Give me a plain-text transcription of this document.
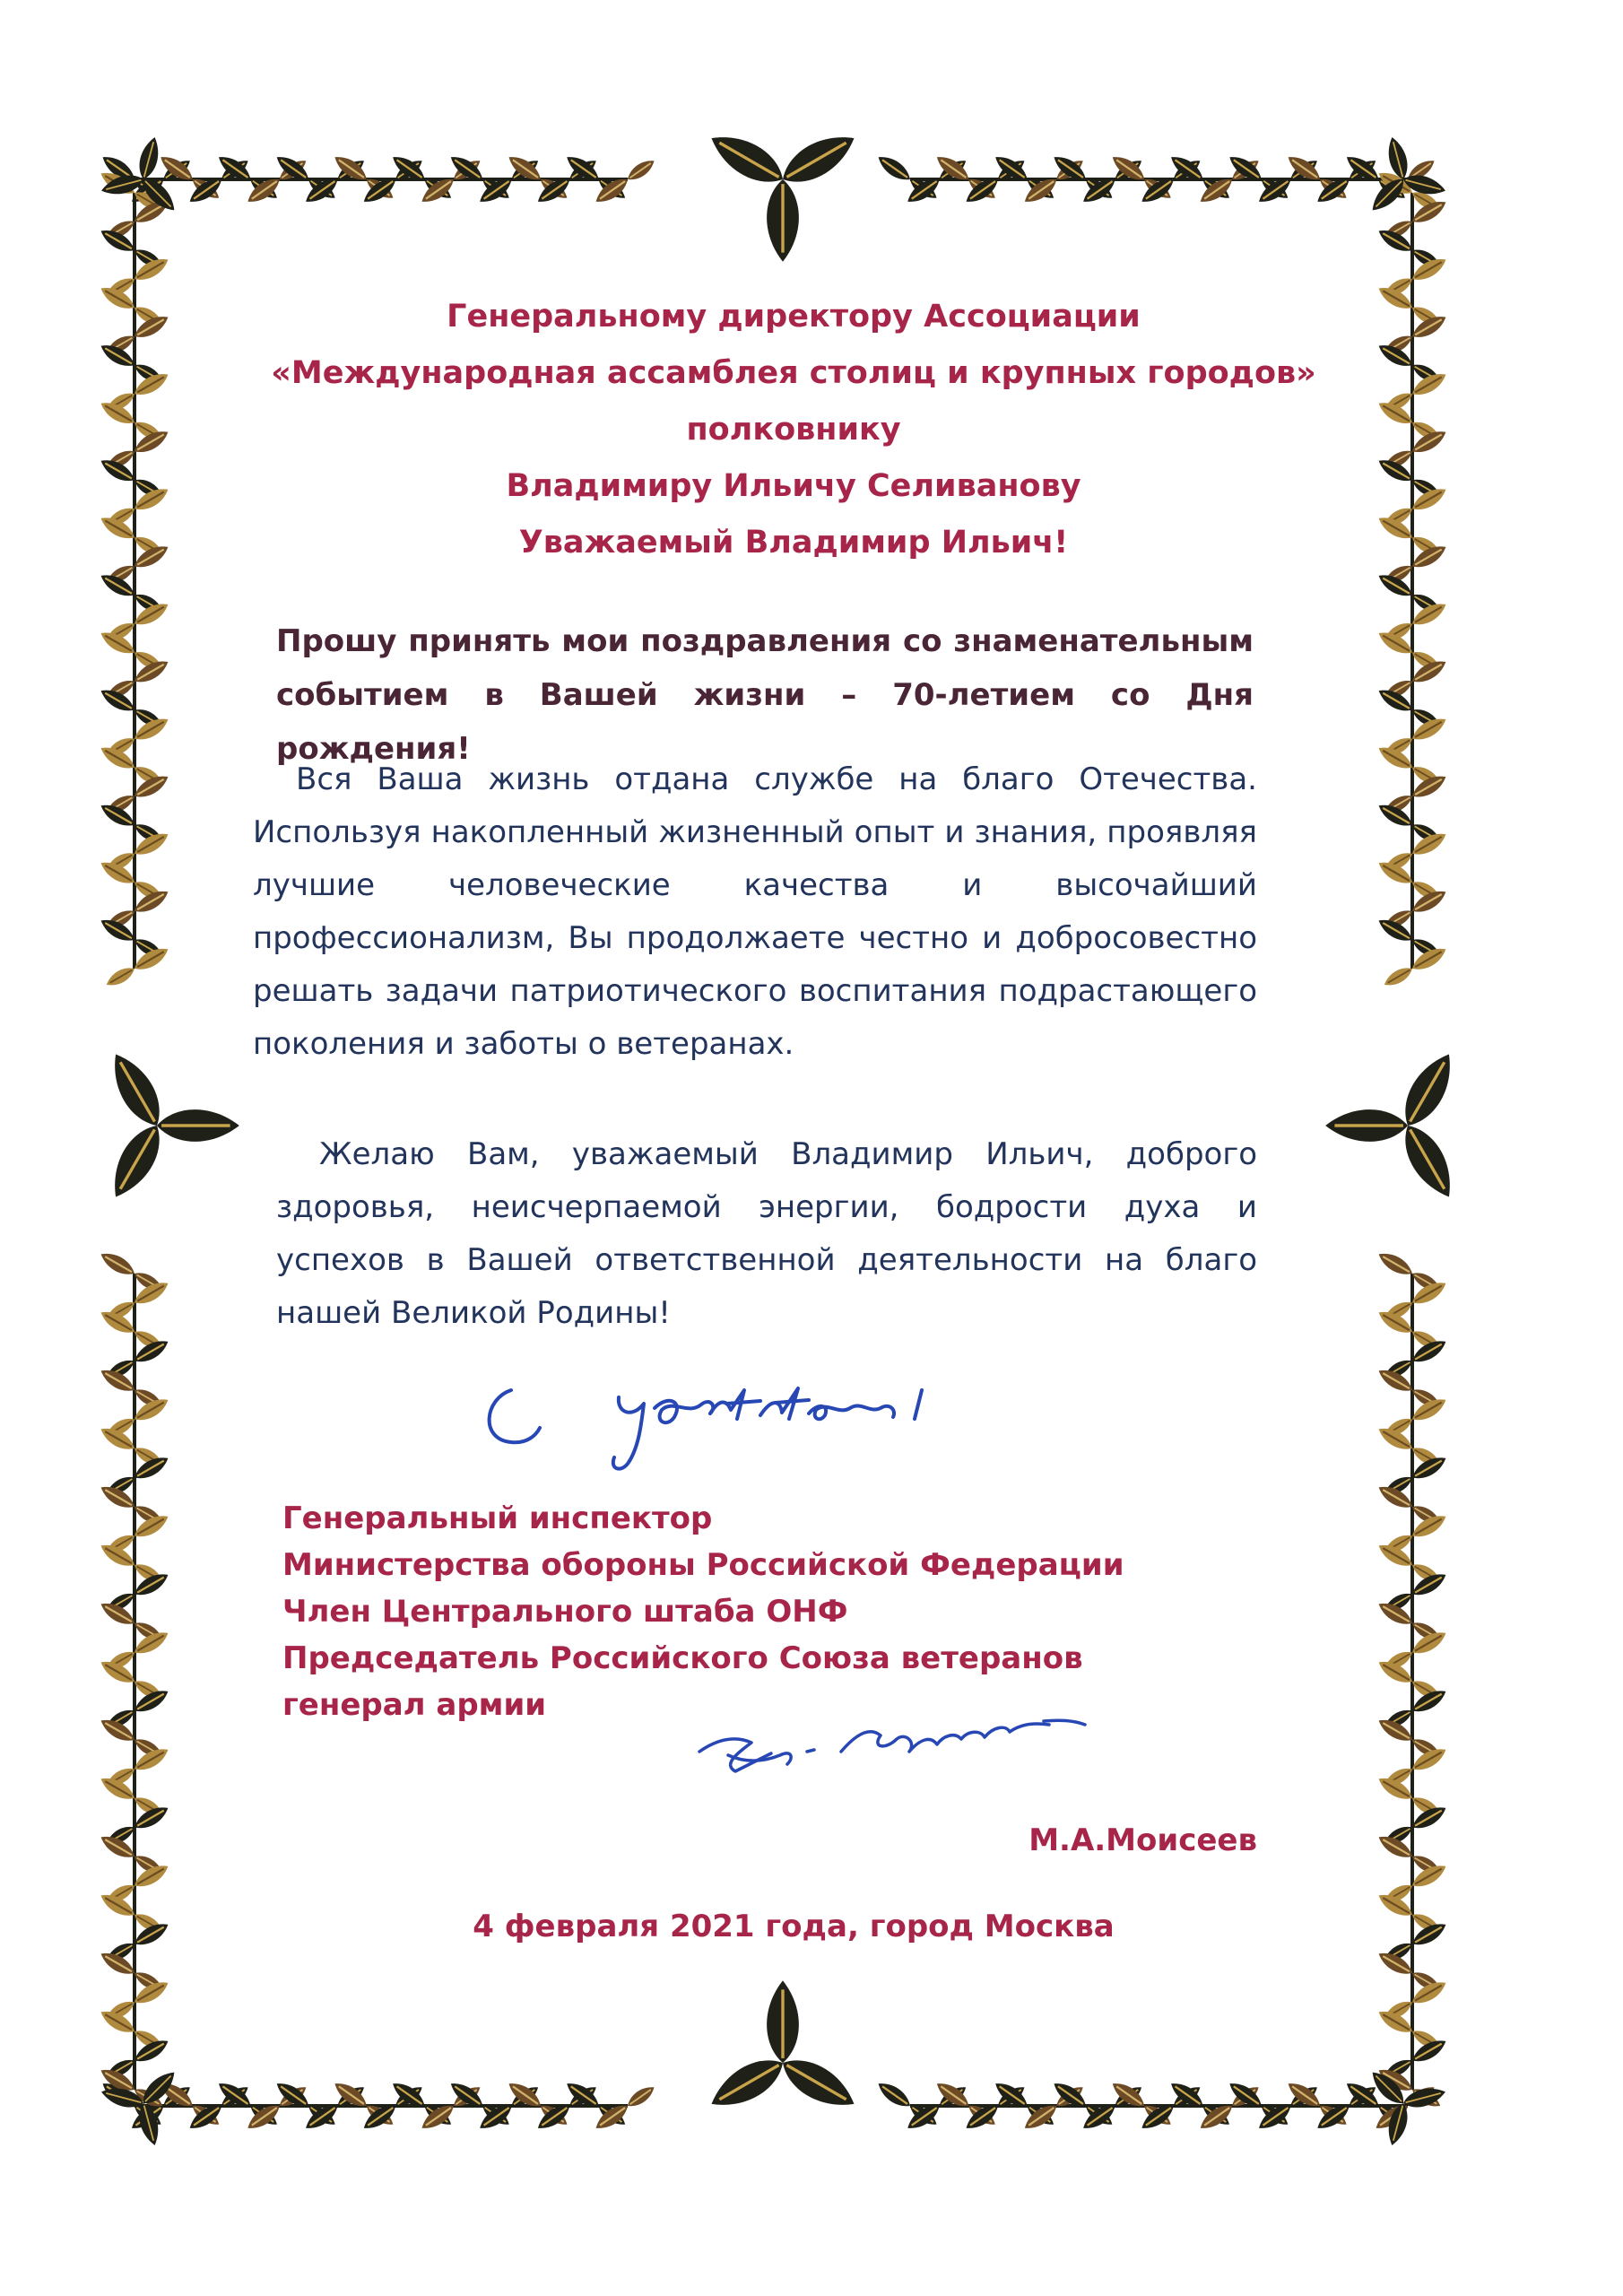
Генеральному директору Ассоциации
«Международная ассамблея столиц и крупных городов»
полковнику
Владимиру Ильичу Селиванову
Уважаемый Владимир Ильич!
Прошу принять мои поздравления со знаменательным событием в Вашей жизни – 70-летием со Дня рождения!
Вся Ваша жизнь отдана службе на благо Отечества. Используя накопленный жизненный опыт и знания, проявляя лучшие человеческие качества и высочайший профессионализм, Вы продолжаете честно и добросовестно решать задачи патриотического воспитания подрастающего поколения и заботы о ветеранах.
Желаю Вам, уважаемый Владимир Ильич, доброго здоровья, неисчерпаемой энергии, бодрости духа и успехов в Вашей ответственной деятельности на благо нашей Великой Родины!
Генеральный инспектор
Министерства обороны Российской Федерации
Член Центрального штаба ОНФ
Председатель Российского Союза ветеранов
генерал армии
М.А.Моисеев
4 февраля 2021 года, город Москва
